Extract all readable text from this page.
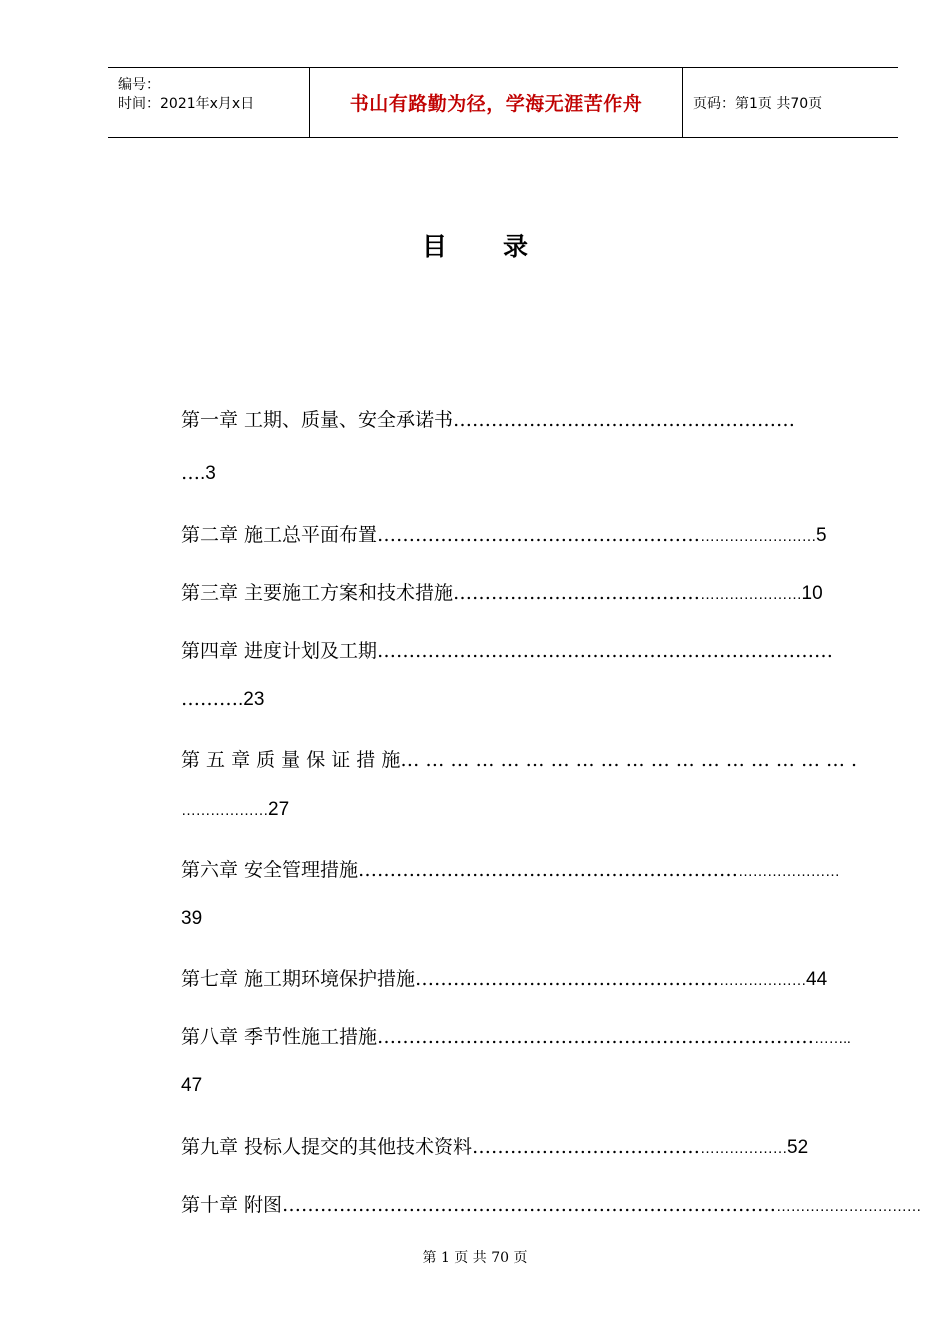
编号：
时间：2021年x月x日	书山有路勤为径，学海无涯苦作舟	页码：第1页 共70页
目 录
第一章 工期、质量、安全承诺书………………………………………………
….3
第二章 施工总平面布置…………………………………………………………………5
第三章 主要施工方案和技术措施……………………………………………………10
第四章 进度计划及工期………………………………………………………………
……….23
第 五 章 质 量 保 证 措 施… … … … … … … … … … … … … … … … … … .
………………27
第六章 安全管理措施………………………………………………………………………
39
第七章 施工期环境保护措施…………………………………………………………44
第八章 季节性施工措施…………………………………………………………………..
47
第九章 投标人提交的其他技术资料………………………………………………52
第十章 附图………………………………………………………………………………………………
第 1 页 共 70 页
